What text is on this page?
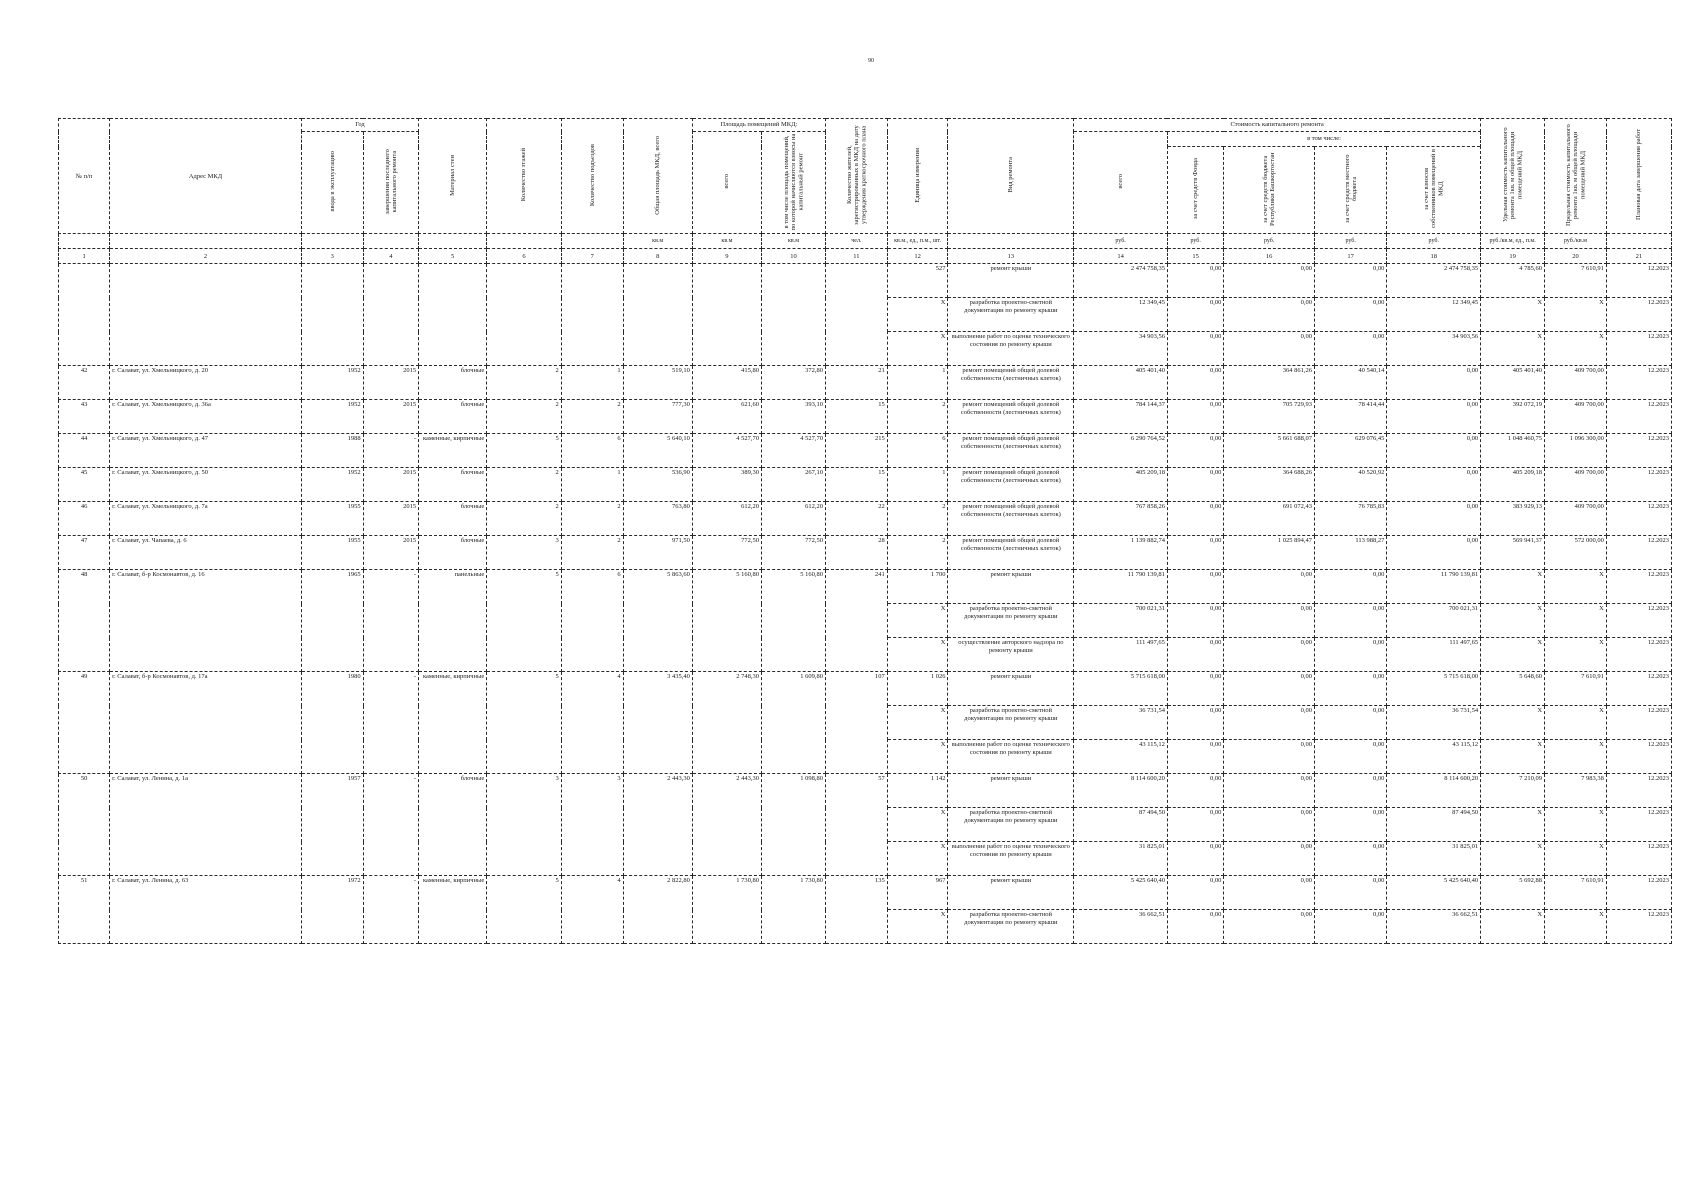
90
№ п/п	Адрес МКД	Год		Материал стен	Количество этажей	Количество подъездов	Общая площадь МКД, всего	Площадь помещений МКД:		Количество жителей, зарегистрированных в МКД на дату утверждения краткосрочного плана	Единица измерения	Вид ремонта	Стоимость капитального ремонта					Удельная стоимость капитального ремонта 1кв. м общей площади помещений МКД	Предельная стоимость капитального ремонта 1кв. м общей площади помещений МКД	Плановая дата завершения работ
		ввода в эксплуатацию	завершения последнего капитального ремонта					всего	в том числе площадь помещений, по которой начисляются взносы на капитальный ремонт				всего	в том числе:						
														за счет средств Фонда	за счет средств бюджета Республики Башкортостан	за счет средств местного бюджета	за счет взносов собственников помещений в МКД			
							кв.м	кв.м	кв.м	чел.	кв.м., ед., п.м., шт.		руб.	руб.	руб.	руб.	руб.	руб./кв.м, ед., п.м.	руб./кв.м	
1	2	3	4	5	6	7	8	9	10	11	12	13	14	15	16	17	18	19	20	21
											527	ремонт крыши	2 474 758,35	0,00	0,00	0,00	2 474 758,35	4 785,60	7 610,91	12.2023
											X	разработка проектно-сметной документации по ремонту крыши	12 349,45	0,00	0,00	0,00	12 349,45	X	X	12.2023
											X	выполнение работ по оценке технического состояния по ремонту крыши	34 903,56	0,00	0,00	0,00	34 903,56	X	X	12.2023
42	г. Салават, ул. Хмельницкого, д. 20	1952	2015	блочные	2	1	519,10	415,80	372,80	21	1	ремонт помещений общей долевой собственности (лестничных клеток)	405 401,40	0,00	364 861,26	40 540,14	0,00	405 401,40	409 700,00	12.2023
43	г. Салават, ул. Хмельницкого, д. 36а	1952	2015	блочные	2	2	777,30	621,60	393,10	15	2	ремонт помещений общей долевой собственности (лестничных клеток)	784 144,37	0,00	705 729,93	78 414,44	0,00	392 072,19	409 700,00	12.2023
44	г. Салават, ул. Хмельницкого, д. 47	1988	-	каменные, кирпичные	5	6	5 640,10	4 527,70	4 527,70	215	6	ремонт помещений общей долевой собственности (лестничных клеток)	6 290 764,52	0,00	5 661 688,07	629 076,45	0,00	1 048 460,75	1 096 300,00	12.2023
45	г. Салават, ул. Хмельницкого, д. 50	1952	2015	блочные	2	1	536,90	389,30	267,10	15	1	ремонт помещений общей долевой собственности (лестничных клеток)	405 209,18	0,00	364 688,26	40 520,92	0,00	405 209,18	409 700,00	12.2023
46	г. Салават, ул. Хмельницкого, д. 7а	1955	2015	блочные	2	2	763,80	612,20	612,20	22	2	ремонт помещений общей долевой собственности (лестничных клеток)	767 858,26	0,00	691 072,43	76 785,83	0,00	383 929,13	409 700,00	12.2023
47	г. Салават, ул. Чапаева, д. 6	1955	2015	блочные	3	2	971,50	772,50	772,50	28	2	ремонт помещений общей долевой собственности (лестничных клеток)	1 139 882,74	0,00	1 025 894,47	113 988,27	0,00	569 941,37	572 000,00	12.2023
48	г. Салават, б-р Космонавтов, д. 16	1965	-	панельные	5	6	5 863,60	5 160,80	5 160,80	241	1 700	ремонт крыши	11 790 139,81	0,00	0,00	0,00	11 790 139,81	X	X	12.2023
											X	разработка проектно-сметной документации по ремонту крыши	700 021,31	0,00	0,00	0,00	700 021,31	X	X	12.2023
											X	осуществление авторского надзора по ремонту крыши	111 497,65	0,00	0,00	0,00	111 497,65	X	X	12.2023
49	г. Салават, б-р Космонавтов, д. 17а	1980	-	каменные, кирпичные	5	4	3 435,40	2 748,30	1 609,80	107	1 026	ремонт крыши	5 715 618,00	0,00	0,00	0,00	5 715 618,00	5 648,60	7 610,91	12.2023
											X	разработка проектно-сметной документации по ремонту крыши	36 731,54	0,00	0,00	0,00	36 731,54	X	X	12.2023
											X	выполнение работ по оценке технического состояния по ремонту крыши	43 115,12	0,00	0,00	0,00	43 115,12	X	X	12.2023
50	г. Салават, ул. Ленина, д. 1а	1957	-	блочные	3	3	2 443,30	2 443,30	1 098,80	57	1 142	ремонт крыши	8 114 600,20	0,00	0,00	0,00	8 114 600,20	7 210,09	7 983,38	12.2023
											X	разработка проектно-сметной документации по ремонту крыши	87 494,50	0,00	0,00	0,00	87 494,50	X	X	12.2023
											X	выполнение работ по оценке технического состояния по ремонту крыши	31 825,01	0,00	0,00	0,00	31 825,01	X	X	12.2023
51	г. Салават, ул. Ленина, д. 63	1972	-	каменные, кирпичные	5	4	2 822,80	1 730,80	1 730,80	135	967	ремонт крыши	5 425 640,40	0,00	0,00	0,00	5 425 640,40	5 692,88	7 610,91	12.2023
											X	разработка проектно-сметной документации по ремонту крыши	36 662,51	0,00	0,00	0,00	36 662,51	X	X	12.2023
